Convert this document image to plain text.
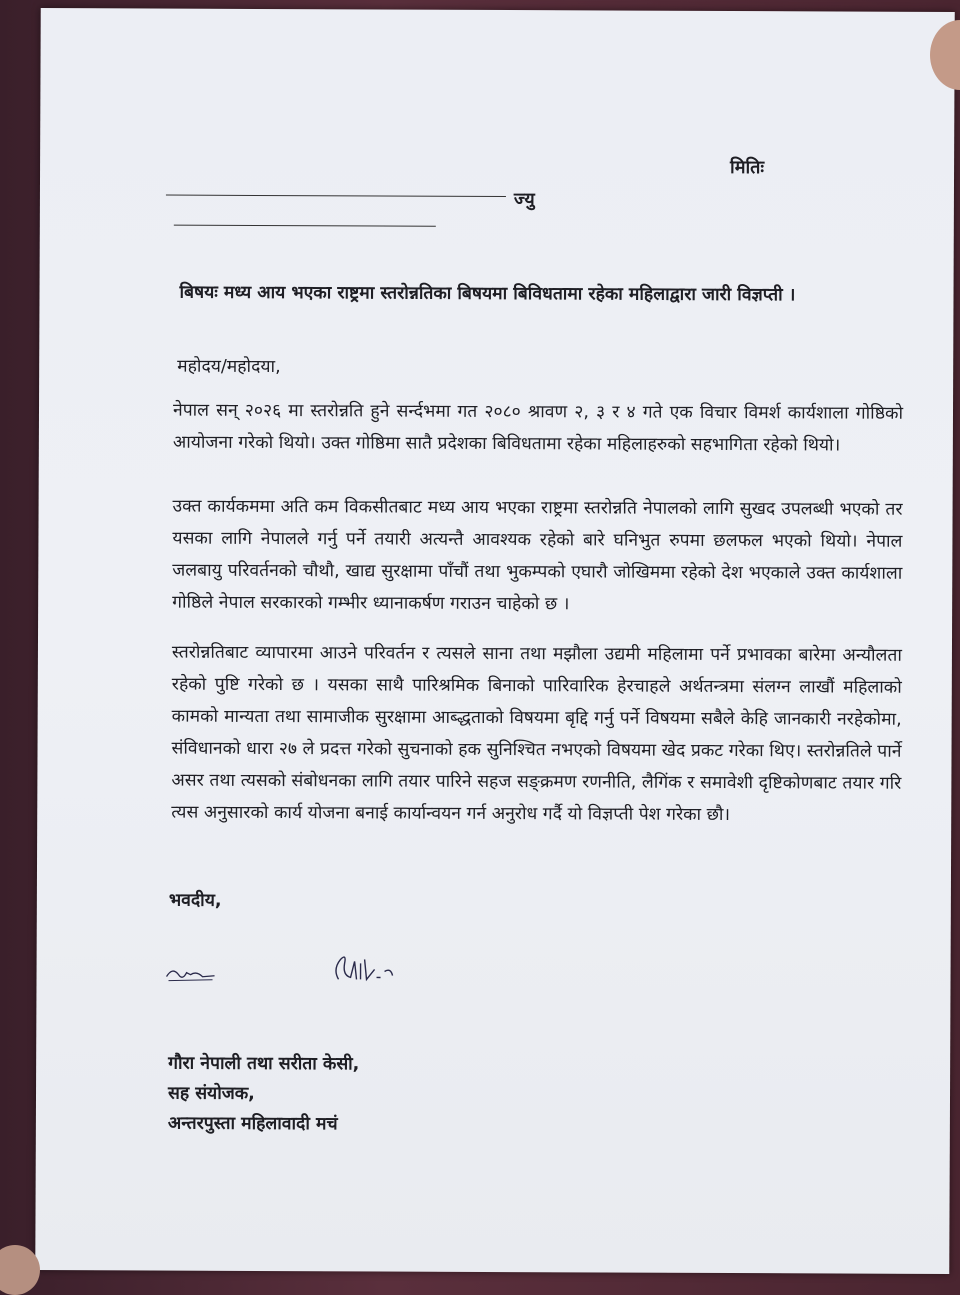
मितिः
ज्यु
बिषयः मध्य आय भएका राष्ट्रमा स्तरोन्नतिका बिषयमा बिविधतामा रहेका महिलाद्वारा जारी विज्ञप्ती ।
महोदय/महोदया,
नेपाल सन् २०२६ मा स्तरोन्नति हुने सर्न्दभमा गत २०८० श्रावण २, ३ र ४ गते एक विचार विमर्श कार्यशाला गोष्ठिको आयोजना गरेको थियो। उक्त गोष्ठिमा सातै प्रदेशका बिविधतामा रहेका महिलाहरुको सहभागिता रहेको थियो।
उक्त कार्यकममा अति कम विकसीतबाट मध्य आय भएका राष्ट्रमा स्तरोन्नति नेपालको लागि सुखद उपलब्धी भएको तर यसका लागि नेपालले गर्नु पर्ने तयारी अत्यन्तै आवश्यक रहेको बारे घनिभुत रुपमा छलफल भएको थियो। नेपाल जलबायु परिवर्तनको चौथौ, खाद्य सुरक्षामा पाँचौं तथा भुकम्पको एघारौ जोखिममा रहेको देश भएकाले उक्त कार्यशाला गोष्ठिले नेपाल सरकारको गम्भीर ध्यानाकर्षण गराउन चाहेको छ ।
स्तरोन्नतिबाट व्यापारमा आउने परिवर्तन र त्यसले साना तथा मझौला उद्यमी महिलामा पर्ने प्रभावका बारेमा अन्यौलता रहेको पुष्टि गरेको छ । यसका साथै पारिश्रमिक बिनाको पारिवारिक हेरचाहले अर्थतन्त्रमा संलग्न लाखौं महिलाको कामको मान्यता तथा सामाजीक सुरक्षामा आब्द्धताको विषयमा बृद्दि गर्नु पर्ने विषयमा सबैले केहि जानकारी नरहेकोमा, संविधानको धारा २७ ले प्रदत्त गरेको सुचनाको हक सुनिश्चित नभएको विषयमा खेद प्रकट गरेका थिए। स्तरोन्नतिले पार्ने असर तथा त्यसको संबोधनका लागि तयार पारिने सहज सङ्क्रमण रणनीति, लैगिंक र समावेशी दृष्टिकोणबाट तयार गरि त्यस अनुसारको कार्य योजना बनाई कार्यान्वयन गर्न अनुरोध गर्दै यो विज्ञप्ती पेश गरेका छौ।
भवदीय,
गौरा नेपाली तथा सरीता केसी,
सह संयोजक,
अन्तरपुस्ता महिलावादी मचं
